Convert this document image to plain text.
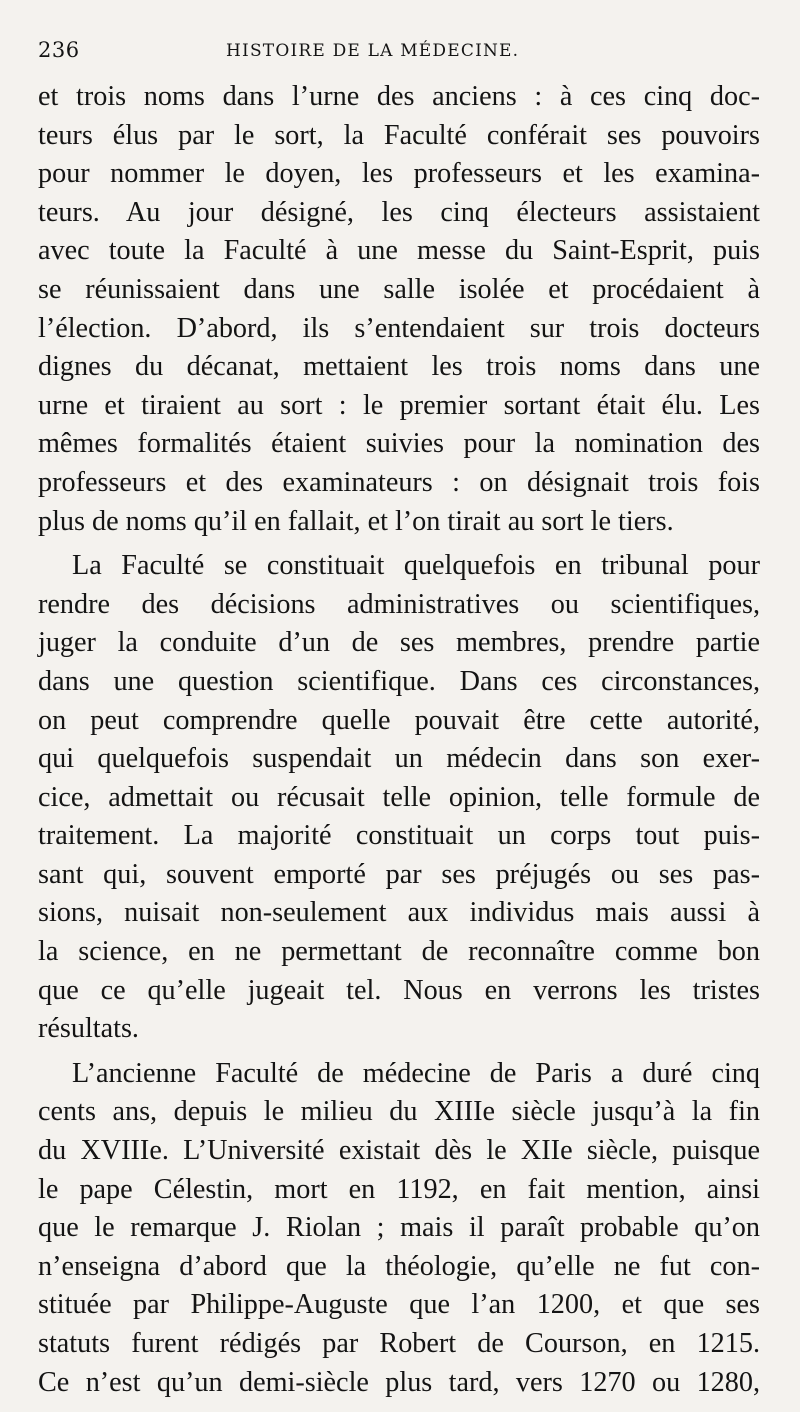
236	HISTOIRE DE LA MÉDECINE.
et trois noms dans l’urne des anciens : à ces cinq doc-
teurs élus par le sort, la Faculté conférait ses pouvoirs
pour nommer le doyen, les professeurs et les examina-
teurs. Au jour désigné, les cinq électeurs assistaient
avec toute la Faculté à une messe du Saint-Esprit, puis
se réunissaient dans une salle isolée et procédaient à
l’élection. D’abord, ils s’entendaient sur trois docteurs
dignes du décanat, mettaient les trois noms dans une
urne et tiraient au sort : le premier sortant était élu. Les
mêmes formalités étaient suivies pour la nomination des
professeurs et des examinateurs : on désignait trois fois
plus de noms qu’il en fallait, et l’on tirait au sort le tiers.
La Faculté se constituait quelquefois en tribunal pour
rendre des décisions administratives ou scientifiques,
juger la conduite d’un de ses membres, prendre partie
dans une question scientifique. Dans ces circonstances,
on peut comprendre quelle pouvait être cette autorité,
qui quelquefois suspendait un médecin dans son exer-
cice, admettait ou récusait telle opinion, telle formule de
traitement. La majorité constituait un corps tout puis-
sant qui, souvent emporté par ses préjugés ou ses pas-
sions, nuisait non-seulement aux individus mais aussi à
la science, en ne permettant de reconnaître comme bon
que ce qu’elle jugeait tel. Nous en verrons les tristes
résultats.
L’ancienne Faculté de médecine de Paris a duré cinq
cents ans, depuis le milieu du XIIIe siècle jusqu’à la fin
du XVIIIe. L’Université existait dès le XIIe siècle, puisque
le pape Célestin, mort en 1192, en fait mention, ainsi
que le remarque J. Riolan ; mais il paraît probable qu’on
n’enseigna d’abord que la théologie, qu’elle ne fut con-
stituée par Philippe-Auguste que l’an 1200, et que ses
statuts furent rédigés par Robert de Courson, en 1215.
Ce n’est qu’un demi-siècle plus tard, vers 1270 ou 1280,
